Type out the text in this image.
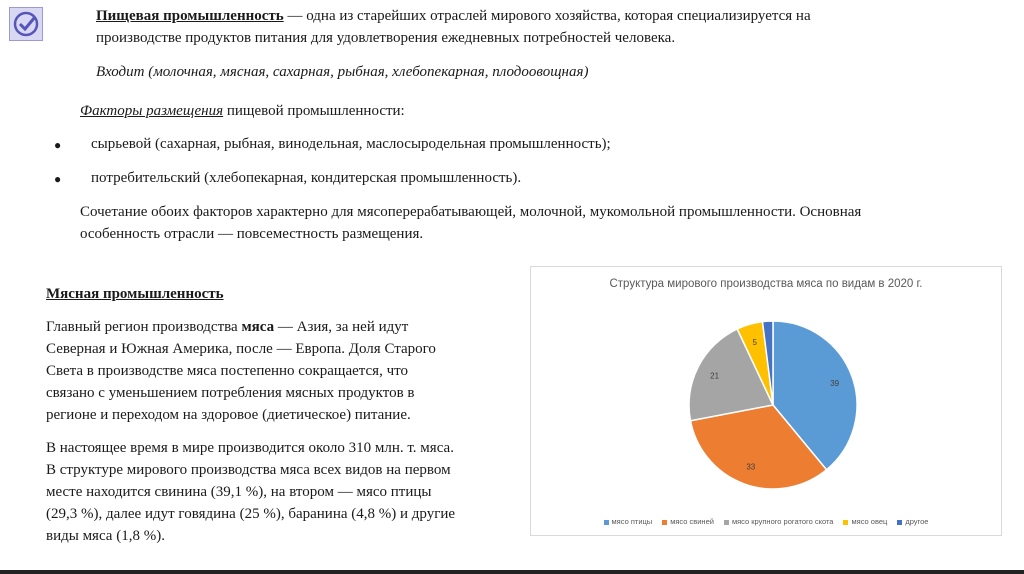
Пищевая промышленность — одна из старейших отраслей мирового хозяйства, которая специализируется на

производстве продуктов питания для удовлетворения ежедневных потребностей человека.

Входит (молочная, мясная, сахарная, рыбная, хлебопекарная, плодоовощная)

Факторы размещения пищевой промышленности:

● сырьевой (сахарная, рыбная, винодельная, маслосыродельная промышленность);

● потребительский (хлебопекарная, кондитерская промышленность).

Сочетание обоих факторов характерно для мясоперерабатывающей, молочной, мукомольной промышленности. Основная

особенность отрасли — повсеместность размещения.

Мясная промышленность

Главный регион производства мяса — Азия, за ней идут

Северная и Южная Америка, после — Европа. Доля Старого

Света в производстве мяса постепенно сокращается, что

связано с уменьшением потребления мясных продуктов в

регионе и переходом на здоровое (диетическое) питание.

В настоящее время в мире производится около 310 млн. т. мяса.

В структуре мирового производства мяса всех видов на первом

месте находится свинина (39,1 %), на втором — мясо птицы

(29,3 %), далее идут говядина (25 %), баранина (4,8 %) и другие

виды мяса (1,8 %).

Структура мирового производства мяса по видам в 2020 г.
39
33
21
5
мясо птицы мясо свиней мясо крупного рогатого скота мясо овец другое
